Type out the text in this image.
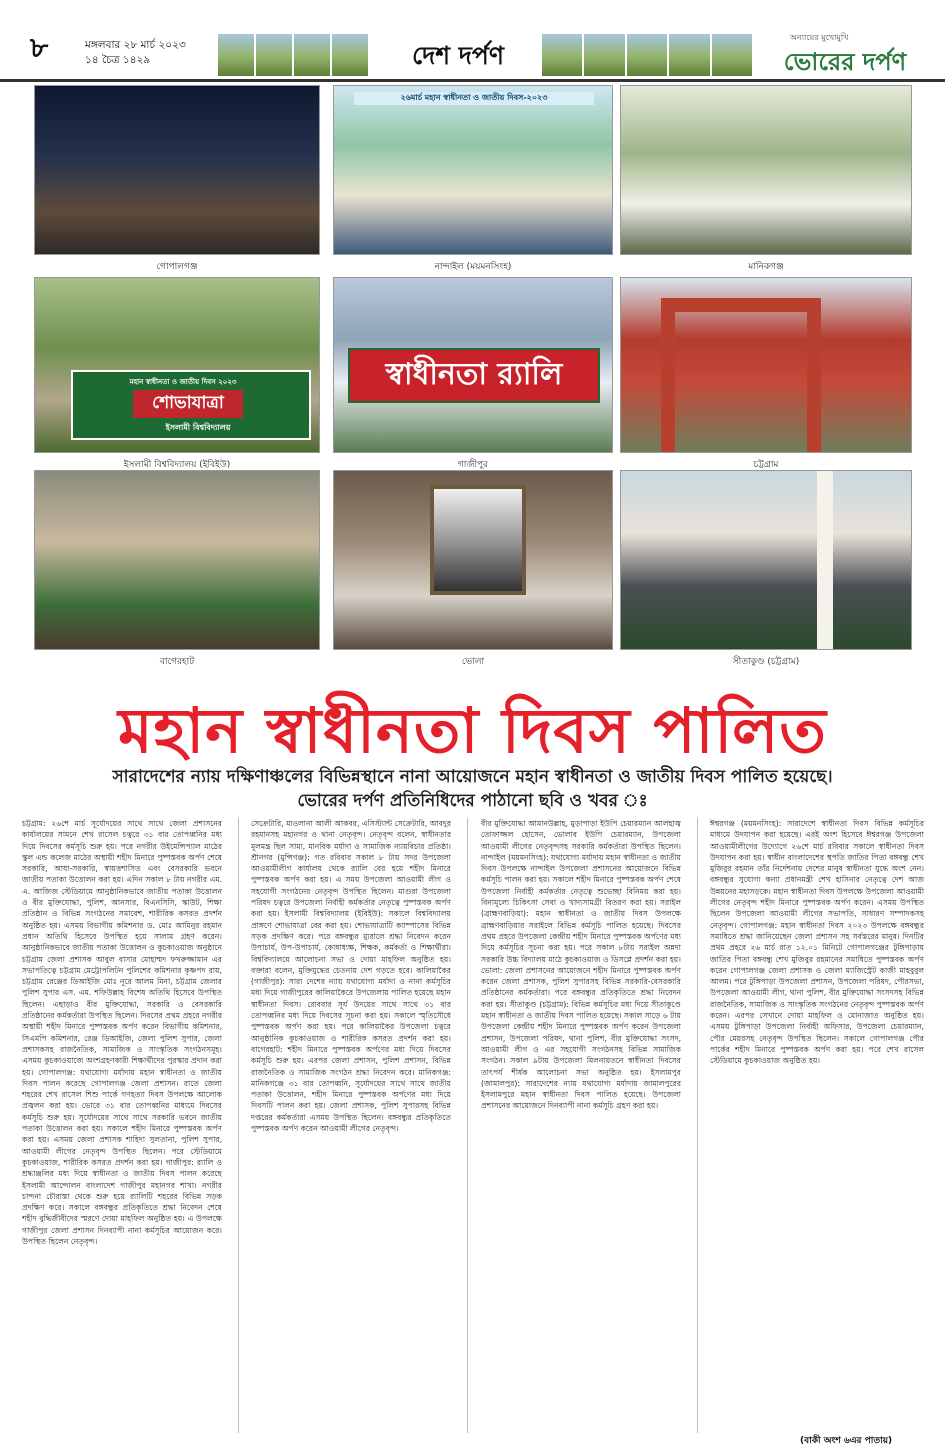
৮	মঙ্গলবার ২৮ মার্চ ২০২৩
১৪ চৈত্র ১৪২৯	দেশ দর্পণ
অন্যায়ের মুখোমুখি
ভোরের দর্পণ
গোপালগঞ্জ
২৬মার্চ মহান স্বাধীনতা ও জাতীয় দিবস-২০২৩
নান্দাইল (ময়মনসিংহ)	মানিকগঞ্জ
মহান স্বাধীনতা ও জাতীয় দিবস ২০২৩
শোভাযাত্রা
ইসলামী বিশ্ববিদ্যালয়
ইসলামী বিশ্ববিদ্যালয় (ইবিইউ)
স্বাধীনতা র‍্যালি
গাজীপুর	চট্টগ্রাম
বাগেরহাট	ভোলা	সীতাকুণ্ড (চট্টগ্রাম)
মহান স্বাধীনতা দিবস পালিত
সারাদেশের ন্যায় দক্ষিণাঞ্চলের বিভিন্নস্থানে নানা আয়োজনে মহান স্বাধীনতা ও জাতীয় দিবস পালিত হয়েছে।
ভোরের দর্পণ প্রতিনিধিদের পাঠানো ছবি ও খবর ঃ
চট্টগ্রাম: ২৬শে মার্চ সূর্যোদয়ের সাথে সাথে জেলা প্রশাসনের কার্যালয়ের সামনে শেখ রাসেল চত্বরে ৩১ বার তোপধ্বনির মধ্য দিয়ে দিবসের কর্মসূচি শুরু হয়। পরে নগরীর উইমেন্সিপ্যাল মাঠের স্কুল এন্ড কলেজ মাঠের অস্থায়ী শহীদ মিনারে পুষ্পস্তবক অর্পণ শেষে সরকারি, আধা-সরকারি, স্বায়ত্তশাসিত এবং বেসরকারি ভবনে জাতীয় পতাকা উত্তোলন করা হয়। এদিন সকাল ৮ টায় নগরীর এম. এ. আজিজ স্টেডিয়ামে আনুষ্ঠানিকভাবে জাতীয় পতাকা উত্তোলন ও বীর মুক্তিযোদ্ধা, পুলিশ, আনসার, বিএনসিসি, স্কাউট, শিক্ষা প্রতিষ্ঠান ও বিভিন্ন সংগঠনের সমাবেশ, শারীরিক কসরত প্রদর্শন অনুষ্ঠিত হয়। এসময় বিভাগীয় কমিশনার ড. মোঃ আমিনুর রহমান প্রধান অতিথি হিসেবে উপস্থিত হয়ে সালাম গ্রহণ করেন। আনুষ্ঠানিকভাবে জাতীয় পতাকা উত্তোলন ও কুচকাওয়াজ অনুষ্ঠানে চট্টগ্রাম জেলা প্রশাসক আবুল বাসার মোহাম্মদ ফখরুজ্জামান এর সভাপতিত্বে চট্টগ্রাম মেট্রোপলিটন পুলিশের কমিশনার কৃষ্ণপদ রায়, চট্টগ্রাম রেঞ্জের ডিআইজি মোঃ নূরে আলম মিনা, চট্টগ্রাম জেলার পুলিশ সুপার এস. এম. শফিউল্লাহ বিশেষ অতিথি হিসেবে উপস্থিত ছিলেন। এছাড়াও বীর মুক্তিযোদ্ধা, সরকারি ও বেসরকারি প্রতিষ্ঠানের কর্মকর্তারা উপস্থিত ছিলেন। দিবসের প্রথম প্রহরে নগরীর অস্থায়ী শহীদ মিনারে পুষ্পস্তবক অর্পণ করেন বিভাগীয় কমিশনার, সিএমপি কমিশনার, রেঞ্জ ডিআইজি, জেলা পুলিশ সুপার, জেলা প্রশাসকসহ রাজনৈতিক, সামাজিক ও সাংস্কৃতিক সংগঠনসমূহ। এসময় কুচকাওয়াজে অংশগ্রহণকারী শিক্ষার্থীদের পুরস্কার প্রদান করা হয়। গোপালগঞ্জ: যথাযোগ্য মর্যাদায় মহান স্বাধীনতা ও জাতীয় দিবস পালন করেছে গোপালগঞ্জ জেলা প্রশাসন। রাতে জেলা শহরের শেখ রাসেল শিশু পার্কে গণহত্যা দিবস উপলক্ষে আলোক প্রজ্বলন করা হয়। ভোরে ৩১ বার তোপধ্বনির মাধ্যমে দিবসের কর্মসূচি শুরু হয়। সূর্যোদয়ের সাথে সাথে সরকারি ভবনে জাতীয় পতাকা উত্তোলন করা হয়। সকালে শহীদ মিনারে পুষ্পস্তবক অর্পণ করা হয়। এসময় জেলা প্রশাসক শাহিদা সুলতানা, পুলিশ সুপার, আওয়ামী লীগের নেতৃবৃন্দ উপস্থিত ছিলেন। পরে স্টেডিয়ামে কুচকাওয়াজ, শারীরিক কসরত প্রদর্শন করা হয়। গাজীপুর: র‍্যালি ও শ্রদ্ধাঞ্জলির মধ্য দিয়ে স্বাধীনতা ও জাতীয় দিবস পালন করেছে ইসলামী আন্দোলন বাংলাদেশ গাজীপুর মহানগর শাখা। নগরীর চান্দনা চৌরাস্তা থেকে শুরু হয়ে র‍্যালিটি শহরের বিভিন্ন সড়ক প্রদক্ষিণ করে। সকালে বঙ্গবন্ধুর প্রতিকৃতিতে শ্রদ্ধা নিবেদন শেষে শহীদ বুদ্ধিজীবীদের স্মরণে দোয়া মাহফিল অনুষ্ঠিত হয়। এ উপলক্ষে গাজীপুর জেলা প্রশাসন দিনব্যাপী নানা কর্মসূচির আয়োজন করে। উপস্থিত ছিলেন নেতৃবৃন্দ।
সেক্রেটারি, মাওলানা আলী আকবর, এসিস্ট্যান্ট সেক্রেটারি, আবদুর রহমানসহ মহানগর ও থানা নেতৃবৃন্দ। নেতৃবৃন্দ বলেন, স্বাধীনতার মূলমন্ত্র ছিল সাম্য, মানবিক মর্যাদা ও সামাজিক ন্যায়বিচার প্রতিষ্ঠা। শ্রীনগর (মুন্সিগঞ্জ): গত রবিবার সকাল ৮ টায় সদর উপজেলা আওয়ামীলীগ কার্যালয় থেকে র‍্যালি বের হয়ে শহীদ মিনারে পুষ্পস্তবক অর্পণ করা হয়। এ সময় উপজেলা আওয়ামী লীগ ও সহযোগী সংগঠনের নেতৃবৃন্দ উপস্থিত ছিলেন। মাগুরা উপজেলা পরিষদ চত্বরে উপজেলা নির্বাহী কর্মকর্তার নেতৃত্বে পুষ্পস্তবক অর্পণ করা হয়। ইসলামী বিশ্ববিদ্যালয় (ইবিইউ): সকালে বিশ্ববিদ্যালয় প্রাঙ্গণে শোভাযাত্রা বের করা হয়। শোভাযাত্রাটি ক্যাম্পাসের বিভিন্ন সড়ক প্রদক্ষিণ করে। পরে বঙ্গবন্ধুর ম্যুরালে শ্রদ্ধা নিবেদন করেন উপাচার্য, উপ-উপাচার্য, কোষাধ্যক্ষ, শিক্ষক, কর্মকর্তা ও শিক্ষার্থীরা। বিশ্ববিদ্যালয়ে আলোচনা সভা ও দোয়া মাহফিল অনুষ্ঠিত হয়। বক্তারা বলেন, মুক্তিযুদ্ধের চেতনায় দেশ গড়তে হবে। কালিয়াকৈর (গাজীপুর): সারা দেশের ন্যায় যথাযোগ্য মর্যাদা ও নানা কর্মসূচির মধ্য দিয়ে গাজীপুরের কালিয়াকৈরে উপজেলায় পালিত হয়েছে মহান স্বাধীনতা দিবস। রোববার সূর্য উদয়ের সাথে সাথে ৩১ বার তোপধ্বনির মধ্য দিয়ে দিবসের সূচনা করা হয়। সকালে স্মৃতিসৌধে পুষ্পস্তবক অর্পণ করা হয়। পরে কালিয়াকৈর উপজেলা চত্বরে আনুষ্ঠানিক কুচকাওয়াজ ও শারীরিক কসরত প্রদর্শন করা হয়। বাগেরহাট: শহীদ মিনারে পুষ্পস্তবক অর্পণের মধ্য দিয়ে দিবসের কর্মসূচি শুরু হয়। এরপর জেলা প্রশাসন, পুলিশ প্রশাসন, বিভিন্ন রাজনৈতিক ও সামাজিক সংগঠন শ্রদ্ধা নিবেদন করে। মানিকগঞ্জ: মানিকগঞ্জে ৩১ বার তোপধ্বনি, সূর্যোদয়ের সাথে সাথে জাতীয় পতাকা উত্তোলন, শহীদ মিনারে পুষ্পস্তবক অর্পণের মধ্য দিয়ে দিবসটি পালন করা হয়। জেলা প্রশাসক, পুলিশ সুপারসহ বিভিন্ন দপ্তরের কর্মকর্তারা এসময় উপস্থিত ছিলেন। বঙ্গবন্ধুর প্রতিকৃতিতে পুষ্পস্তবক অর্পণ করেন আওয়ামী লীগের নেতৃবৃন্দ।
বীর মুক্তিযোদ্ধা আমানউল্লাহ, মুড়াপাড়া ইউপি চেয়ারম্যান আলহাজ্ব তোফাজ্জল হোসেন, ভোলাব ইউপি চেয়ারম্যান, উপজেলা আওয়ামী লীগের নেতৃবৃন্দসহ সরকারি কর্মকর্তারা উপস্থিত ছিলেন। নান্দাইল (ময়মনসিংহ): যথাযোগ্য মর্যাদায় মহান স্বাধীনতা ও জাতীয় দিবস উপলক্ষে নান্দাইল উপজেলা প্রশাসনের আয়োজনে বিভিন্ন কর্মসূচি পালন করা হয়। সকালে শহীদ মিনারে পুষ্পস্তবক অর্পণ শেষে উপজেলা নির্বাহী কর্মকর্তার নেতৃত্বে শুভেচ্ছা বিনিময় করা হয়। বিনামূল্যে চিকিৎসা সেবা ও খাদ্যসামগ্রী বিতরণ করা হয়। সরাইল (ব্রাহ্মণবাড়িয়া): মহান স্বাধীনতা ও জাতীয় দিবস উপলক্ষে ব্রাহ্মণবাড়িয়ার সরাইলে বিভিন্ন কর্মসূচি পালিত হয়েছে। দিবসের প্রথম প্রহরে উপজেলা কেন্দ্রীয় শহীদ মিনারে পুষ্পস্তবক অর্পণের মধ্য দিয়ে কর্মসূচির সূচনা করা হয়। পরে সকাল ৮টায় সরাইল অন্নদা সরকারি উচ্চ বিদ্যালয় মাঠে কুচকাওয়াজ ও ডিসপ্লে প্রদর্শন করা হয়। ভোলা: জেলা প্রশাসনের আয়োজনে শহীদ মিনারে পুষ্পস্তবক অর্পণ করেন জেলা প্রশাসক, পুলিশ সুপারসহ বিভিন্ন সরকারি-বেসরকারি প্রতিষ্ঠানের কর্মকর্তারা। পরে বঙ্গবন্ধুর প্রতিকৃতিতে শ্রদ্ধা নিবেদন করা হয়। সীতাকুণ্ড (চট্টগ্রাম): বিভিন্ন কর্মসূচির মধ্য দিয়ে সীতাকুণ্ডে মহান স্বাধীনতা ও জাতীয় দিবস পালিত হয়েছে। সকাল সাড়ে ৬ টায় উপজেলা কেন্দ্রীয় শহীদ মিনারে পুষ্পস্তবক অর্পণ করেন উপজেলা প্রশাসন, উপজেলা পরিষদ, থানা পুলিশ, বীর মুক্তিযোদ্ধা সংসদ, আওয়ামী লীগ ও এর সহযোগী সংগঠনসহ বিভিন্ন সামাজিক সংগঠন। সকাল ৯টায় উপজেলা মিলনায়তনে স্বাধীনতা দিবসের তাৎপর্য শীর্ষক আলোচনা সভা অনুষ্ঠিত হয়। ইসলামপুর (জামালপুর): সারাদেশের ন্যায় যথাযোগ্য মর্যাদায় জামালপুরের ইসলামপুরে মহান স্বাধীনতা দিবস পালিত হয়েছে। উপজেলা প্রশাসনের আয়োজনে দিনব্যাপী নানা কর্মসূচি গ্রহণ করা হয়।
ঈশ্বরগঞ্জ (ময়মনসিংহ): সারাদেশে স্বাধীনতা দিবস বিভিন্ন কর্মসূচির মাধ্যমে উদযাপন করা হয়েছে। এরই অংশ হিসেবে ঈশ্বরগঞ্জ উপজেলা আওয়ামীলীগের উদ্যোগে ২৬শে মার্চ রবিবার সকালে স্বাধীনতা দিবস উদযাপন করা হয়। স্বাধীন বাংলাদেশের স্থপতি জাতির পিতা বঙ্গবন্ধু শেখ মুজিবুর রহমান তাঁর নির্দেশনায় দেশের মানুষ স্বাধীনতা যুদ্ধে অংশ নেন। বঙ্গবন্ধুর সুযোগ্য কন্যা প্রধানমন্ত্রী শেখ হাসিনার নেতৃত্বে দেশ আজ উন্নয়নের মহাসড়কে। মহান স্বাধীনতা দিবস উপলক্ষে উপজেলা আওয়ামী লীগের নেতৃবৃন্দ শহীদ মিনারে পুষ্পস্তবক অর্পণ করেন। এসময় উপস্থিত ছিলেন উপজেলা আওয়ামী লীগের সভাপতি, সাধারণ সম্পাদকসহ নেতৃবৃন্দ। গোপালগঞ্জ: মহান স্বাধীনতা দিবস ২০২৩ উপলক্ষে বঙ্গবন্ধুর সমাধিতে শ্রদ্ধা জানিয়েছেন জেলা প্রশাসন সহ সর্বস্তরের মানুষ। দিনটির প্রথম প্রহরে ২৬ মার্চ রাত ১২.০১ মিনিটে গোপালগঞ্জের টুঙ্গিপাড়ায় জাতির পিতা বঙ্গবন্ধু শেখ মুজিবুর রহমানের সমাধিতে পুষ্পস্তবক অর্পণ করেন গোপালগঞ্জ জেলা প্রশাসক ও জেলা ম্যাজিস্ট্রেট কাজী মাহবুবুল আলম। পরে টুঙ্গিপাড়া উপজেলা প্রশাসন, উপজেলা পরিষদ, পৌরসভা, উপজেলা আওয়ামী লীগ, থানা পুলিশ, বীর মুক্তিযোদ্ধা সংসদসহ বিভিন্ন রাজনৈতিক, সামাজিক ও সাংস্কৃতিক সংগঠনের নেতৃবৃন্দ পুষ্পস্তবক অর্পণ করেন। এরপর সেখানে দোয়া মাহফিল ও মোনাজাত অনুষ্ঠিত হয়। এসময় টুঙ্গিপাড়া উপজেলা নির্বাহী অফিসার, উপজেলা চেয়ারম্যান, পৌর মেয়রসহ নেতৃবৃন্দ উপস্থিত ছিলেন। সকালে গোপালগঞ্জ পৌর পার্কের শহীদ মিনারে পুষ্পস্তবক অর্পণ করা হয়। পরে শেখ রাসেল স্টেডিয়ামে কুচকাওয়াজ অনুষ্ঠিত হয়।
(বাকী অংশ ৬এর পাতায়)
